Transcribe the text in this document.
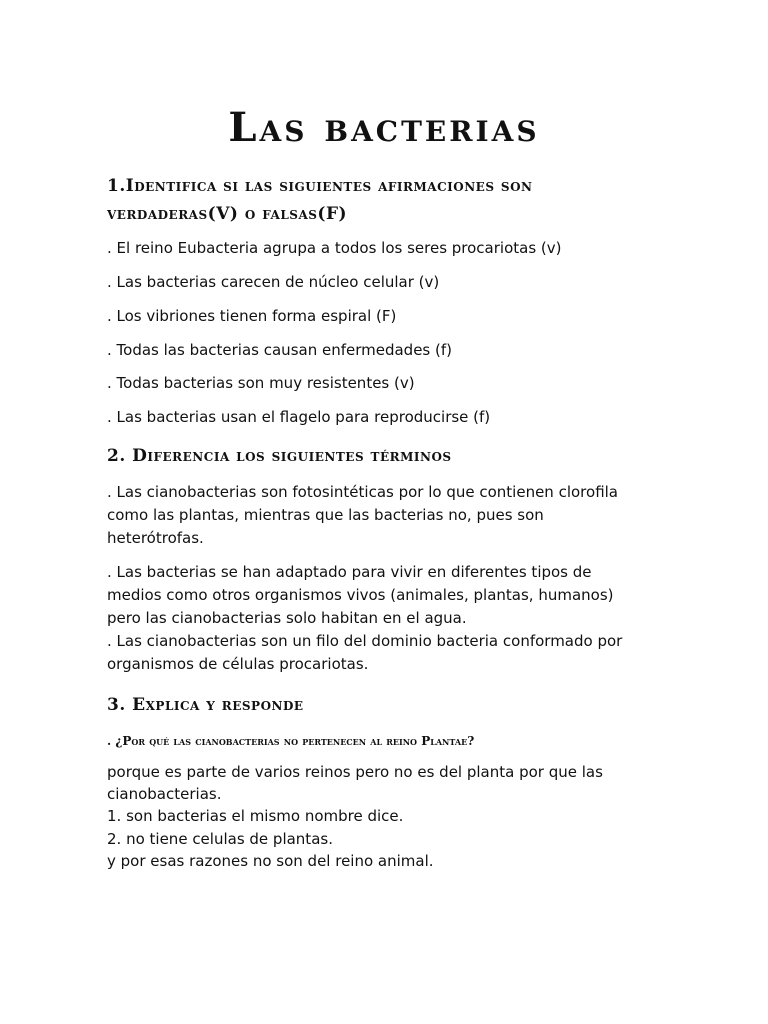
Las bacterias
1.Identifica si las siguientes afirmaciones son
verdaderas(V) o falsas(F)
. El reino Eubacteria agrupa a todos los seres procariotas (v)
. Las bacterias carecen de núcleo celular (v)
. Los vibriones tienen forma espiral (F)
. Todas las bacterias causan enfermedades (f)
. Todas bacterias son muy resistentes (v)
. Las bacterias usan el flagelo para reproducirse (f)
2. Diferencia los siguientes términos
. Las cianobacterias son fotosintéticas por lo que contienen clorofila
como las plantas, mientras que las bacterias no, pues son
heterótrofas.
. Las bacterias se han adaptado para vivir en diferentes tipos de
medios como otros organismos vivos (animales, plantas, humanos)
pero las cianobacterias solo habitan en el agua.
. Las cianobacterias son un filo del dominio bacteria conformado por
organismos de células procariotas.
3. Explica y responde
. ¿Por qué las cianobacterias no pertenecen al reino Plantae?
porque es parte de varios reinos pero no es del planta por que las
cianobacterias.
1. son bacterias el mismo nombre dice.
2. no tiene celulas de plantas.
y por esas razones no son del reino animal.
